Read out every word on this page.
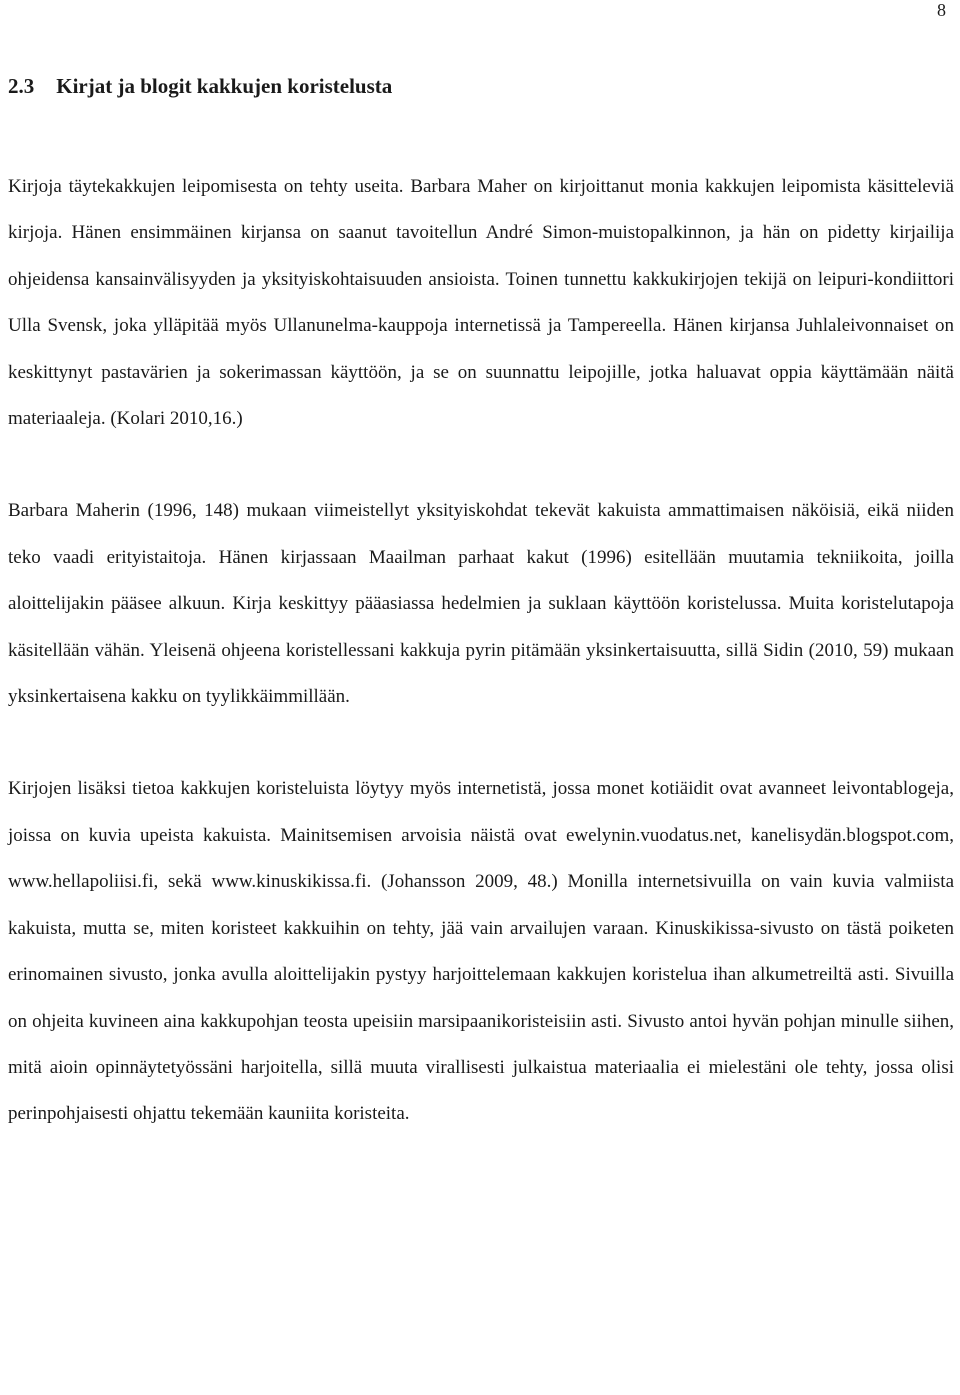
8
2.3 Kirjat ja blogit kakkujen koristelusta

Kirjoja täytekakkujen leipomisesta on tehty useita. Barbara Maher on kirjoittanut monia kakkujen leipomista käsitteleviä kirjoja. Hänen ensimmäinen kirjansa on saanut tavoitellun André Simon-muistopalkinnon, ja hän on pidetty kirjailija ohjeidensa kansainvälisyyden ja yksityiskohtaisuuden ansioista. Toinen tunnettu kakkukirjojen tekijä on leipuri-kondiittori Ulla Svensk, joka ylläpitää myös Ullanunelma-kauppoja internetissä ja Tampereella. Hänen kirjansa Juhlaleivonnaiset on keskittynyt pastavärien ja sokerimassan käyttöön, ja se on suunnattu leipojille, jotka haluavat oppia käyttämään näitä materiaaleja. (Kolari 2010,16.)

Barbara Maherin (1996, 148) mukaan viimeistellyt yksityiskohdat tekevät kakuista ammattimaisen näköisiä, eikä niiden teko vaadi erityistaitoja. Hänen kirjassaan Maailman parhaat kakut (1996) esitellään muutamia tekniikoita, joilla aloittelijakin pääsee alkuun. Kirja keskittyy pääasiassa hedelmien ja suklaan käyttöön koristelussa. Muita koristelutapoja käsitellään vähän. Yleisenä ohjeena koristellessani kakkuja pyrin pitämään yksinkertaisuutta, sillä Sidin (2010, 59) mukaan yksinkertaisena kakku on tyylikkäimmillään.

Kirjojen lisäksi tietoa kakkujen koristeluista löytyy myös internetistä, jossa monet kotiäidit ovat avanneet leivontablogeja, joissa on kuvia upeista kakuista. Mainitsemisen arvoisia näistä ovat ewelynin.vuodatus.net, kanelisydän.blogspot.com, www.hellapoliisi.fi, sekä www.kinuskikissa.fi. (Johansson 2009, 48.) Monilla internetsivuilla on vain kuvia valmiista kakuista, mutta se, miten koristeet kakkuihin on tehty, jää vain arvailujen varaan. Kinuskikissa-sivusto on tästä poiketen erinomainen sivusto, jonka avulla aloittelijakin pystyy harjoittelemaan kakkujen koristelua ihan alkumetreiltä asti. Sivuilla on ohjeita kuvineen aina kakkupohjan teosta upeisiin marsipaanikoristeisiin asti. Sivusto antoi hyvän pohjan minulle siihen, mitä aioin opinnäytetyössäni harjoitella, sillä muuta virallisesti julkaistua materiaalia ei mielestäni ole tehty, jossa olisi perinpohjaisesti ohjattu tekemään kauniita koristeita.
